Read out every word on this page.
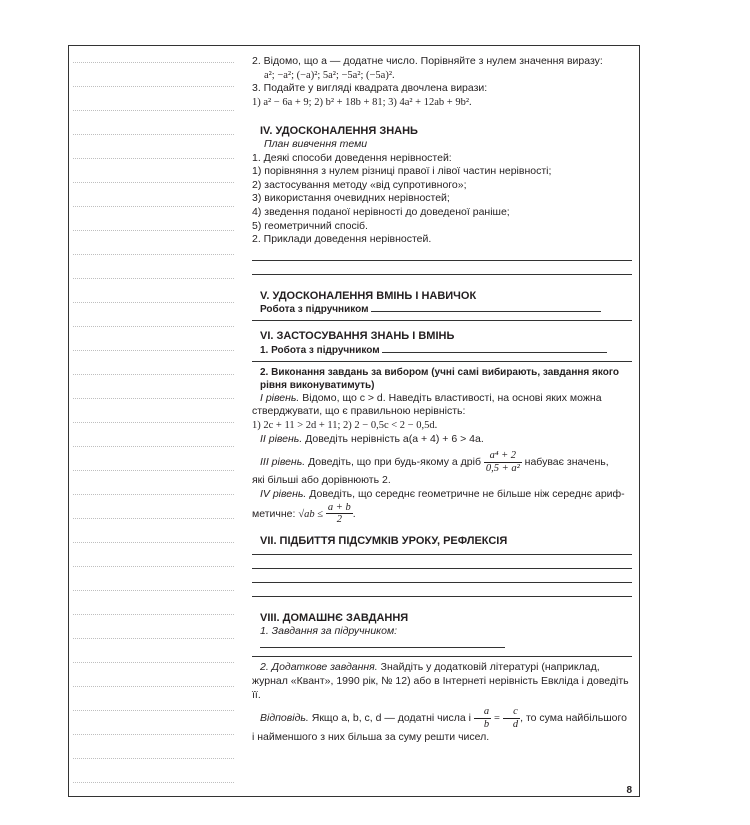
2. Відомо, що a — додатне число. Порівняйте з нулем значення виразу:

a²; −a²; (−a)²; 5a²; −5a²; (−5a)².

3. Подайте у вигляді квадрата двочлена вирази:

1) a² − 6a + 9; 2) b² + 18b + 81; 3) 4a² + 12ab + 9b².

IV. УДОСКОНАЛЕННЯ ЗНАНЬ

План вивчення теми

1. Деякі способи доведення нерівностей:

1) порівняння з нулем різниці правої і лівої частин нерівності;

2) застосування методу «від супротивного»;

3) використання очевидних нерівностей;

4) зведення поданої нерівності до доведеної раніше;

5) геометричний спосіб.

2. Приклади доведення нерівностей.

V. УДОСКОНАЛЕННЯ ВМІНЬ І НАВИЧОК

Робота з підручником

VI. ЗАСТОСУВАННЯ ЗНАНЬ І ВМІНЬ

1. Робота з підручником

2. Виконання завдань за вибором (учні самі вибирають, завдання якого рівня виконуватимуть)

I рівень. Відомо, що c > d. Наведіть властивості, на основі яких можна стверджувати, що є правильною нерівність:

1) 2c + 11 > 2d + 11; 2) 2 − 0,5c < 2 − 0,5d.

II рівень. Доведіть нерівність a(a + 4) + 6 > 4a.

III рівень. Доведіть, що при будь-якому a дріб $\frac{\text{a⁴ + 2}}{\text{0,5 + a²}}$ набуває значень,

які більші або дорівнюють 2.

IV рівень. Доведіть, що середнє геометричне не більше ніж середнє ариф-

метичне: $√ab \le \frac{a + b}{2}$ .

VII. ПІДБИТТЯ ПІДСУМКІВ УРОКУ, РЕФЛЕКСІЯ

VIII. ДОМАШНЄ ЗАВДАННЯ

1. Завдання за підручником:

2. Додаткове завдання. Знайдіть у додатковій літературі (наприклад, журнал «Квант», 1990 рік, № 12) або в Інтернеті нерівність Евкліда і доведіть її.

Відповідь. Якщо a, b, c, d — додатні числа і $\frac{a}{b} = \frac{c}{d}$ , то сума найбільшого і найменшого з них більша за суму решти чисел.

8
